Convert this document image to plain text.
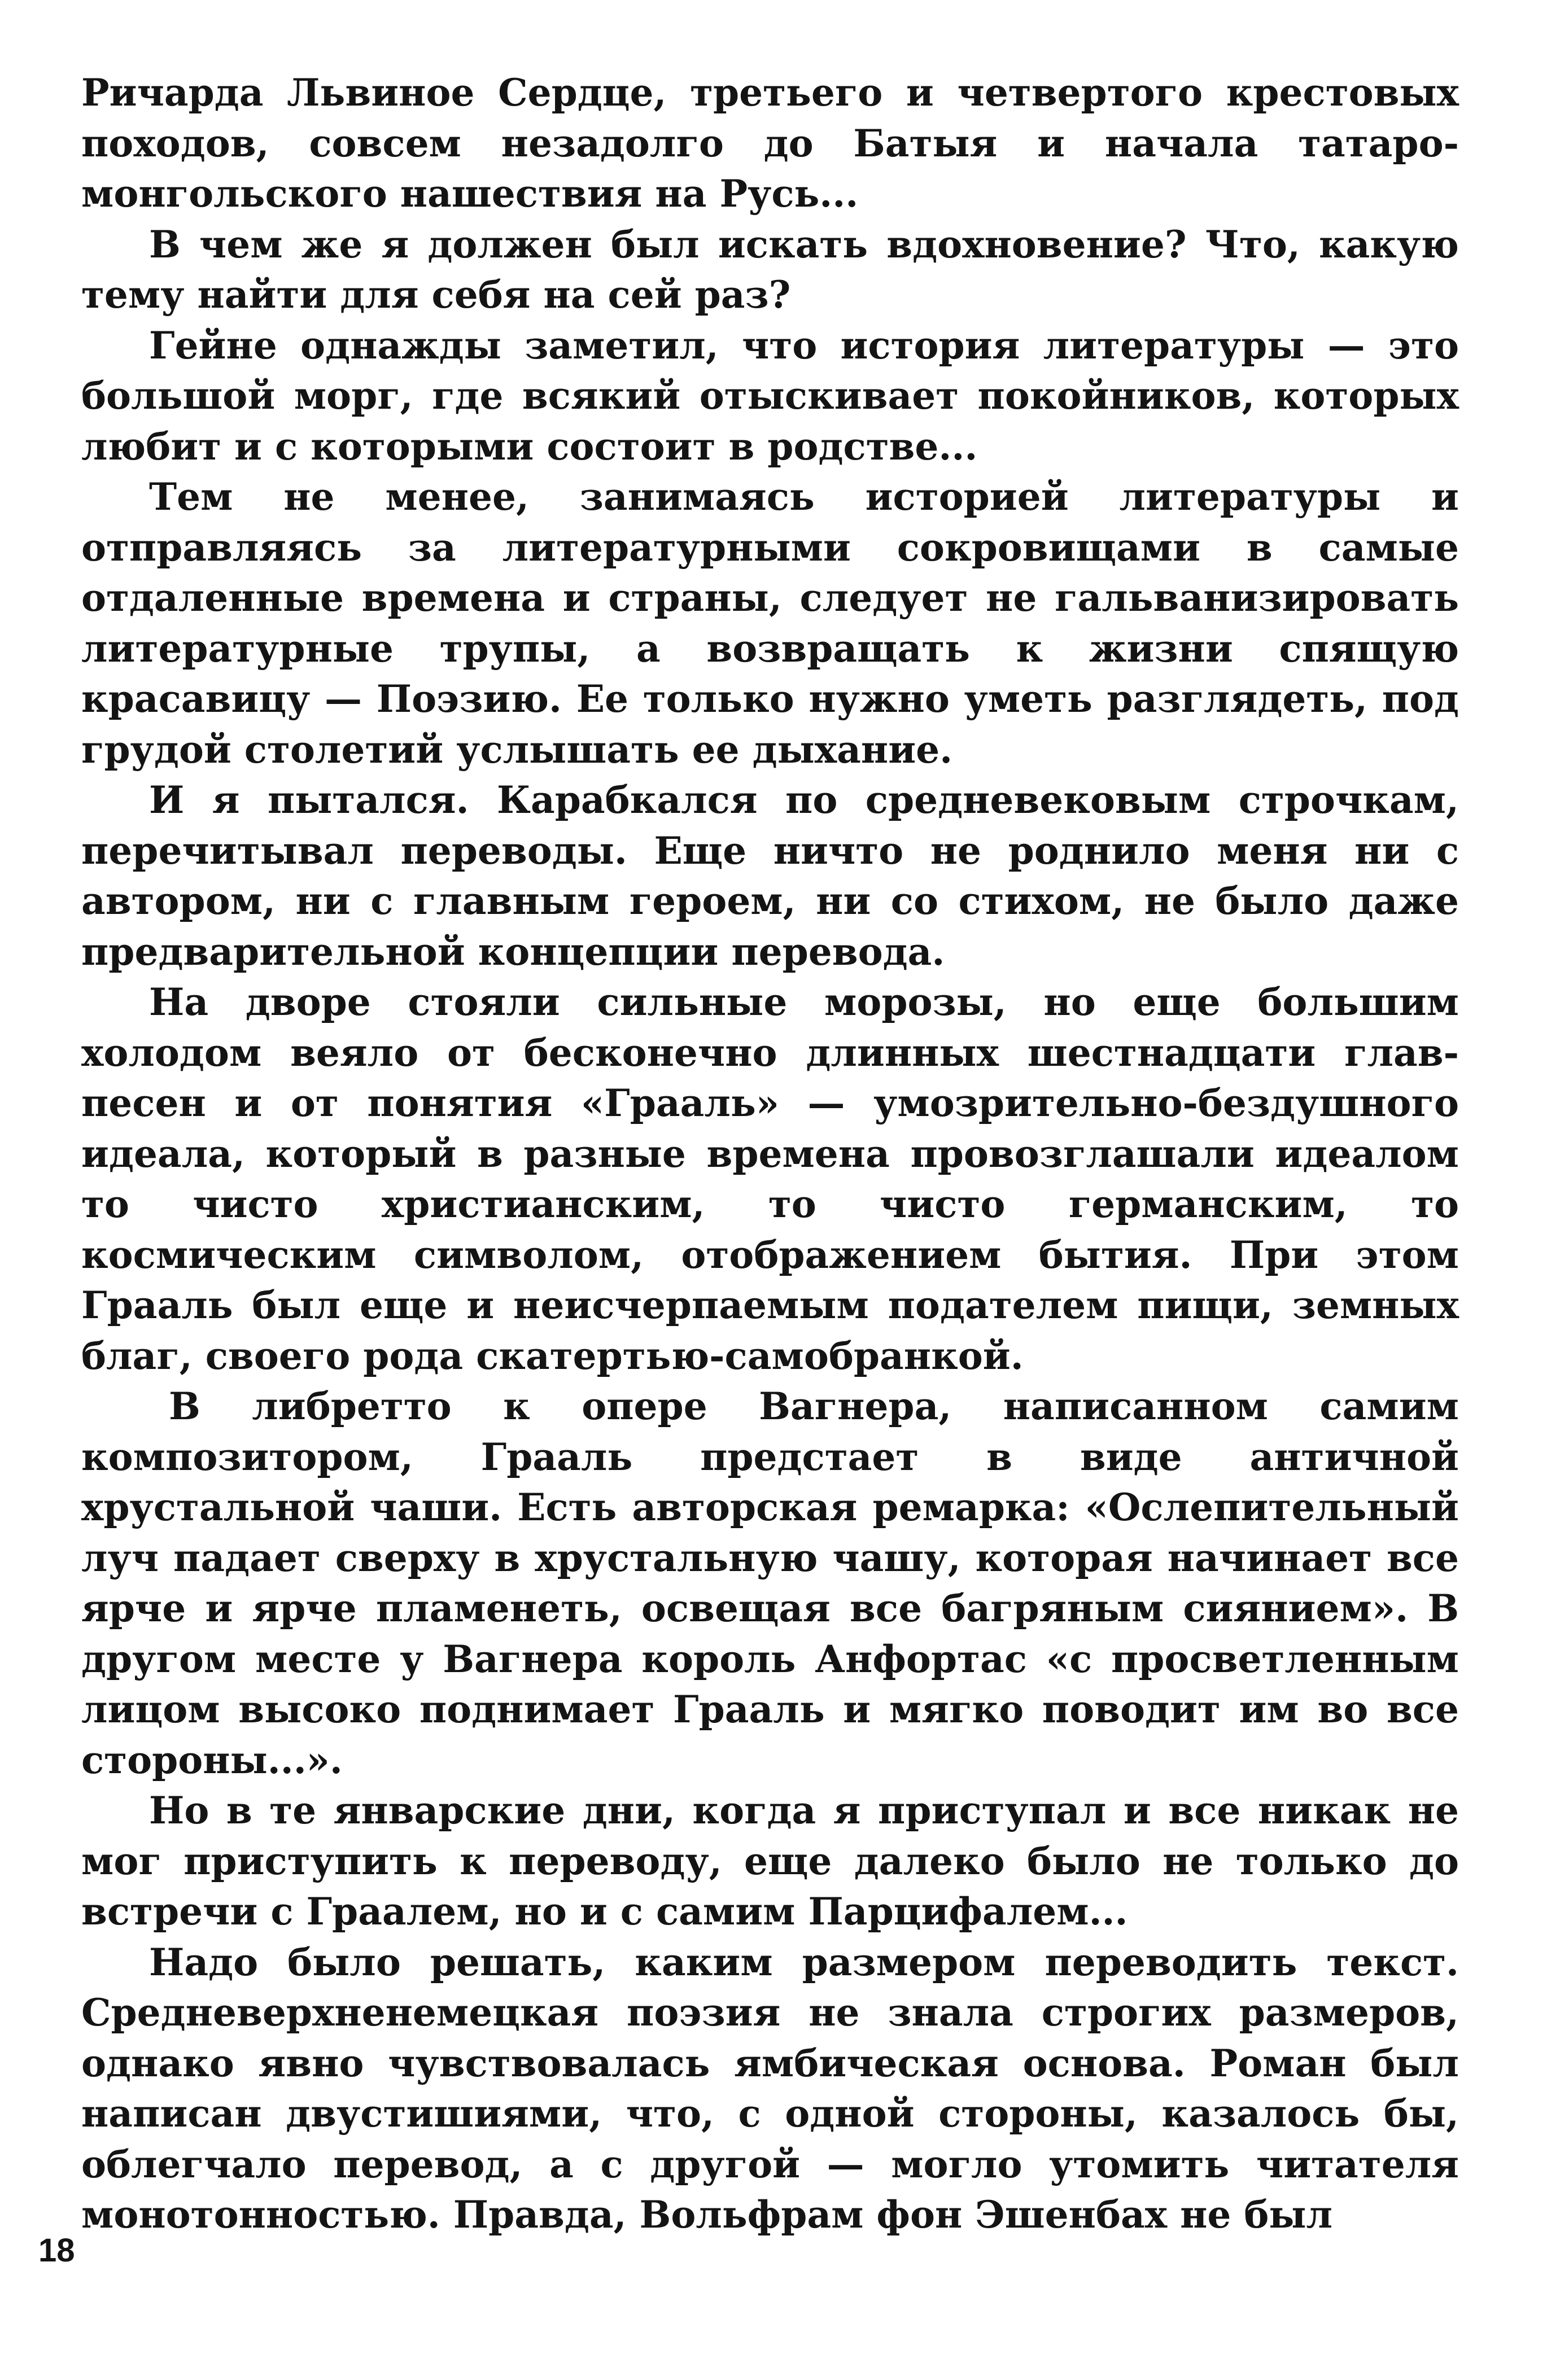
Ричарда Львиное Сердце, третьего и четвертого крестовых походов, совсем незадолго до Батыя и начала татаро-монгольского нашествия на Русь...

В чем же я должен был искать вдохновение? Что, какую тему найти для себя на сей раз?

Гейне однажды заметил, что история литературы — это большой морг, где всякий отыскивает покойников, которых любит и с которыми состоит в родстве...

Тем не менее, занимаясь историей литературы и отправляясь за литературными сокровищами в самые отдаленные времена и страны, следует не гальванизировать литературные трупы, а возвращать к жизни спящую красавицу — Поэзию. Ее только нужно уметь разглядеть, под грудой столетий услышать ее дыхание.

И я пытался. Карабкался по средневековым строчкам, перечитывал переводы. Еще ничто не роднило меня ни с автором, ни с главным героем, ни со стихом, не было даже предварительной концепции перевода.

На дворе стояли сильные морозы, но еще большим холодом веяло от бесконечно длинных шестнадцати глав-песен и от понятия «Грааль» — умозрительно-бездушного идеала, который в разные времена провозглашали идеалом то чисто христианским, то чисто германским, то космическим символом, отображением бытия. При этом Грааль был еще и неисчерпаемым подателем пищи, земных благ, своего рода скатертью-самобранкой.

В либретто к опере Вагнера, написанном самим композитором, Грааль предстает в виде античной хрустальной чаши. Есть авторская ремарка: «Ослепительный луч падает сверху в хрустальную чашу, которая начинает все ярче и ярче пламенеть, освещая все багряным сиянием». В другом месте у Вагнера король Анфортас «с просветленным лицом высоко поднимает Грааль и мягко поводит им во все стороны...».

Но в те январские дни, когда я приступал и все никак не мог приступить к переводу, еще далеко было не только до встречи с Граалем, но и с самим Парцифалем...

Надо было решать, каким размером переводить текст. Средневерхненемецкая поэзия не знала строгих размеров, однако явно чувствовалась ямбическая основа. Роман был написан двустишиями, что, с одной стороны, казалось бы, облегчало перевод, а с другой — могло утомить читателя монотонностью. Правда, Вольфрам фон Эшенбах не был

18
